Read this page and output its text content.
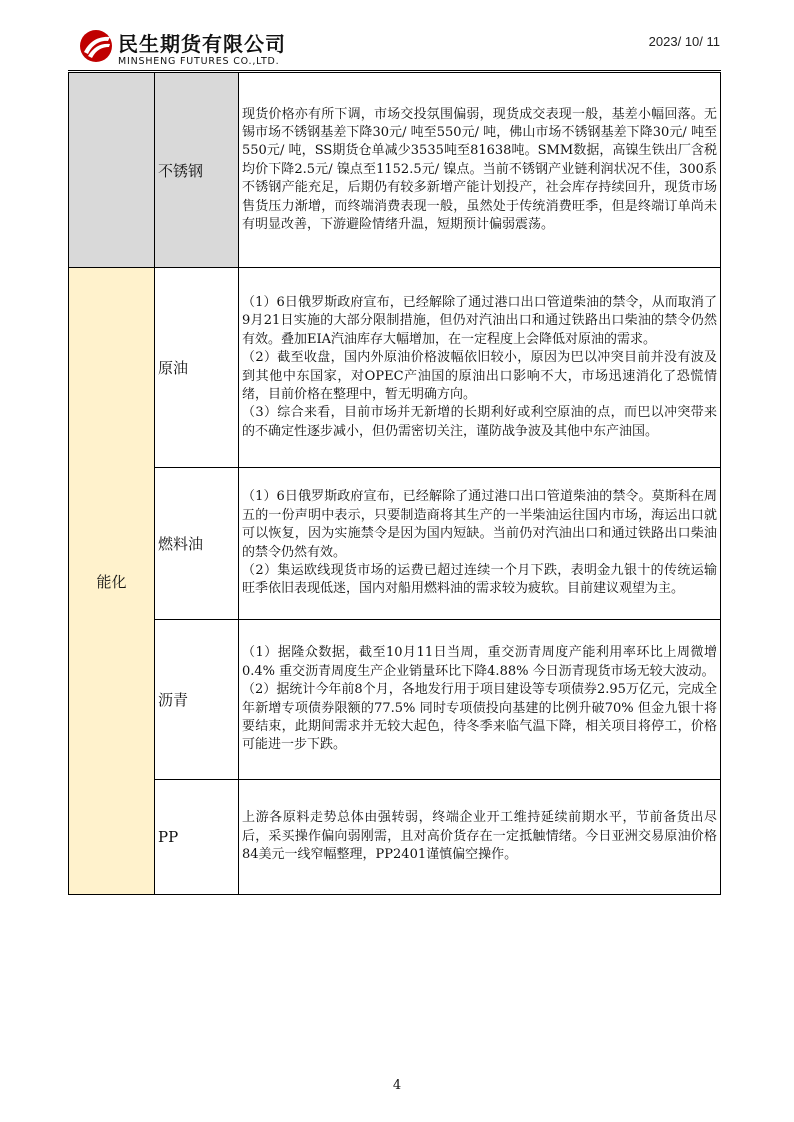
民生期货有限公司
MINSHENG FUTURES CO.,LTD.
2023/ 10/ 11
	不锈钢	现货价格亦有所下调，市场交投氛围偏弱，现货成交表现一般，基差小幅回落。无锡市场不锈钢基差下降30元/ 吨至550元/ 吨，佛山市场不锈钢基差下降30元/ 吨至550元/ 吨，SS期货仓单减少3535吨至81638吨。SMM数据，高镍生铁出厂含税均价下降2.5元/ 镍点至1152.5元/ 镍点。当前不锈钢产业链利润状况不佳，300系不锈钢产能充足，后期仍有较多新增产能计划投产，社会库存持续回升，现货市场售货压力渐增，而终端消费表现一般，虽然处于传统消费旺季，但是终端订单尚未有明显改善，下游避险情绪升温，短期预计偏弱震荡。

能化	原油	（1）6日俄罗斯政府宣布，已经解除了通过港口出口管道柴油的禁令，从而取消了9月21日实施的大部分限制措施，但仍对汽油出口和通过铁路出口柴油的禁令仍然有效。叠加EIA汽油库存大幅增加，在一定程度上会降低对原油的需求。

（2）截至收盘，国内外原油价格波幅依旧较小，原因为巴以冲突目前并没有波及到其他中东国家，对OPEC产油国的原油出口影响不大，市场迅速消化了恐慌情绪，目前价格在整理中，暂无明确方向。

（3）综合来看，目前市场并无新增的长期利好或利空原油的点，而巴以冲突带来的不确定性逐步减小，但仍需密切关注，谨防战争波及其他中东产油国。

	燃料油	（1）6日俄罗斯政府宣布，已经解除了通过港口出口管道柴油的禁令。莫斯科在周五的一份声明中表示，只要制造商将其生产的一半柴油运往国内市场，海运出口就可以恢复，因为实施禁令是因为国内短缺。当前仍对汽油出口和通过铁路出口柴油的禁令仍然有效。

（2）集运欧线现货市场的运费已超过连续一个月下跌，表明金九银十的传统运输旺季依旧表现低迷，国内对船用燃料油的需求较为疲软。目前建议观望为主。

	沥青	（1）据隆众数据，截至10月11日当周，重交沥青周度产能利用率环比上周微增0.4% 重交沥青周度生产企业销量环比下降4.88% 今日沥青现货市场无较大波动。

（2）据统计今年前8个月，各地发行用于项目建设等专项债券2.95万亿元，完成全年新增专项债券限额的77.5% 同时专项债投向基建的比例升破70% 但金九银十将要结束，此期间需求并无较大起色，待冬季来临气温下降，相关项目将停工，价格可能进一步下跌。

	PP	上游各原料走势总体由强转弱，终端企业开工维持延续前期水平，节前备货出尽后，采买操作偏向弱刚需，且对高价货存在一定抵触情绪。今日亚洲交易原油价格84美元一线窄幅整理，PP2401谨慎偏空操作。

4
